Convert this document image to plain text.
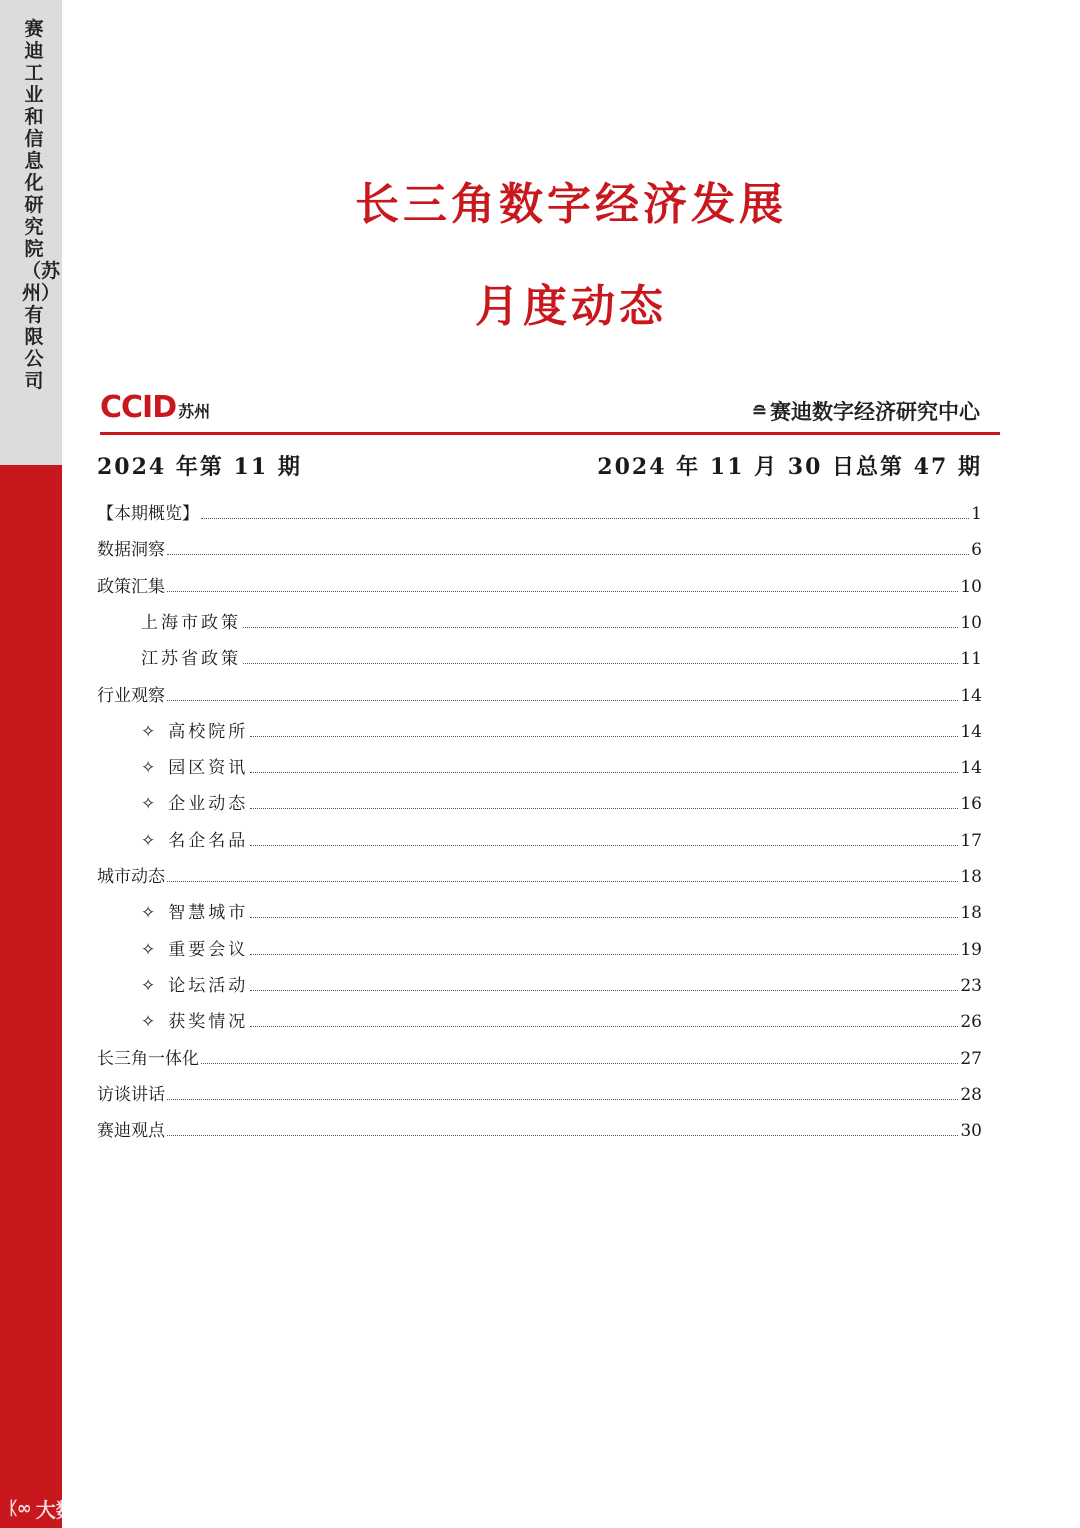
赛迪工业和信息化研究院（苏州）有限公司
ᛕ∞ 大数跨境
长三角数字经济发展
月度动态
CCID 苏州	≘ 赛迪数字经济研究中心
2024 年第 11 期	2024 年 11 月 30 日总第 47 期
【本期概览】	1
数据洞察	6
政策汇集	10
上海市政策	10
江苏省政策	11
行业观察	14
✧ 高校院所	14
✧ 园区资讯	14
✧ 企业动态	16
✧ 名企名品	17
城市动态	18
✧ 智慧城市	18
✧ 重要会议	19
✧ 论坛活动	23
✧ 获奖情况	26
长三角一体化	27
访谈讲话	28
赛迪观点	30
